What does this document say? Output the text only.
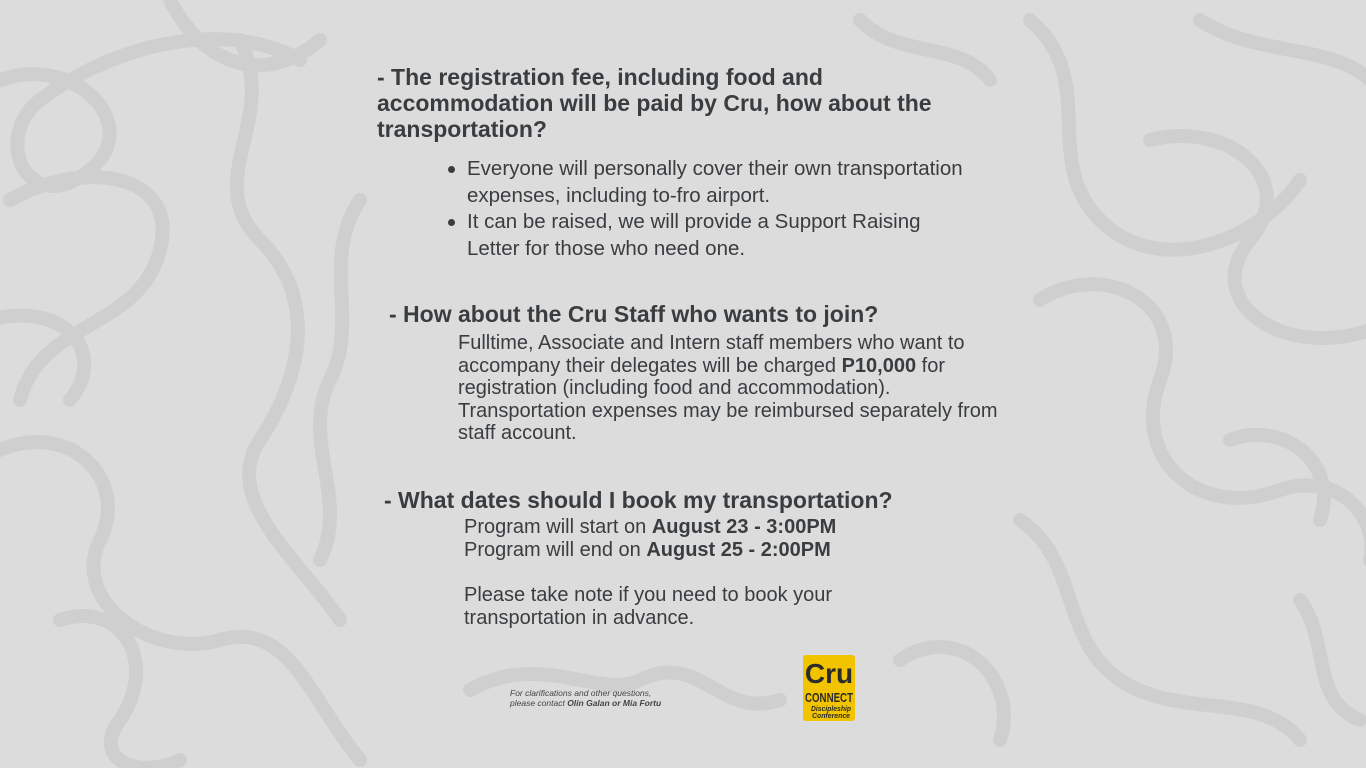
- The registration fee, including food and accommodation will be paid by Cru, how about the transportation?

Everyone will personally cover their own transportation expenses, including to-fro airport.
It can be raised, we will provide a Support Raising Letter for those who need one.

- How about the Cru Staff who wants to join?

Fulltime, Associate and Intern staff members who want to accompany their delegates will be charged P10,000 for registration (including food and accommodation). Transportation expenses may be reimbursed separately from staff account.

- What dates should I book my transportation?

Program will start on August 23 - 3:00PM
Program will end on August 25 - 2:00PM

Please take note if you need to book your transportation in advance.

For clarifications and other questions,
please contact Olin Galan or Mia Fortu
Cru
CONNECT
Discipleship
Conference
